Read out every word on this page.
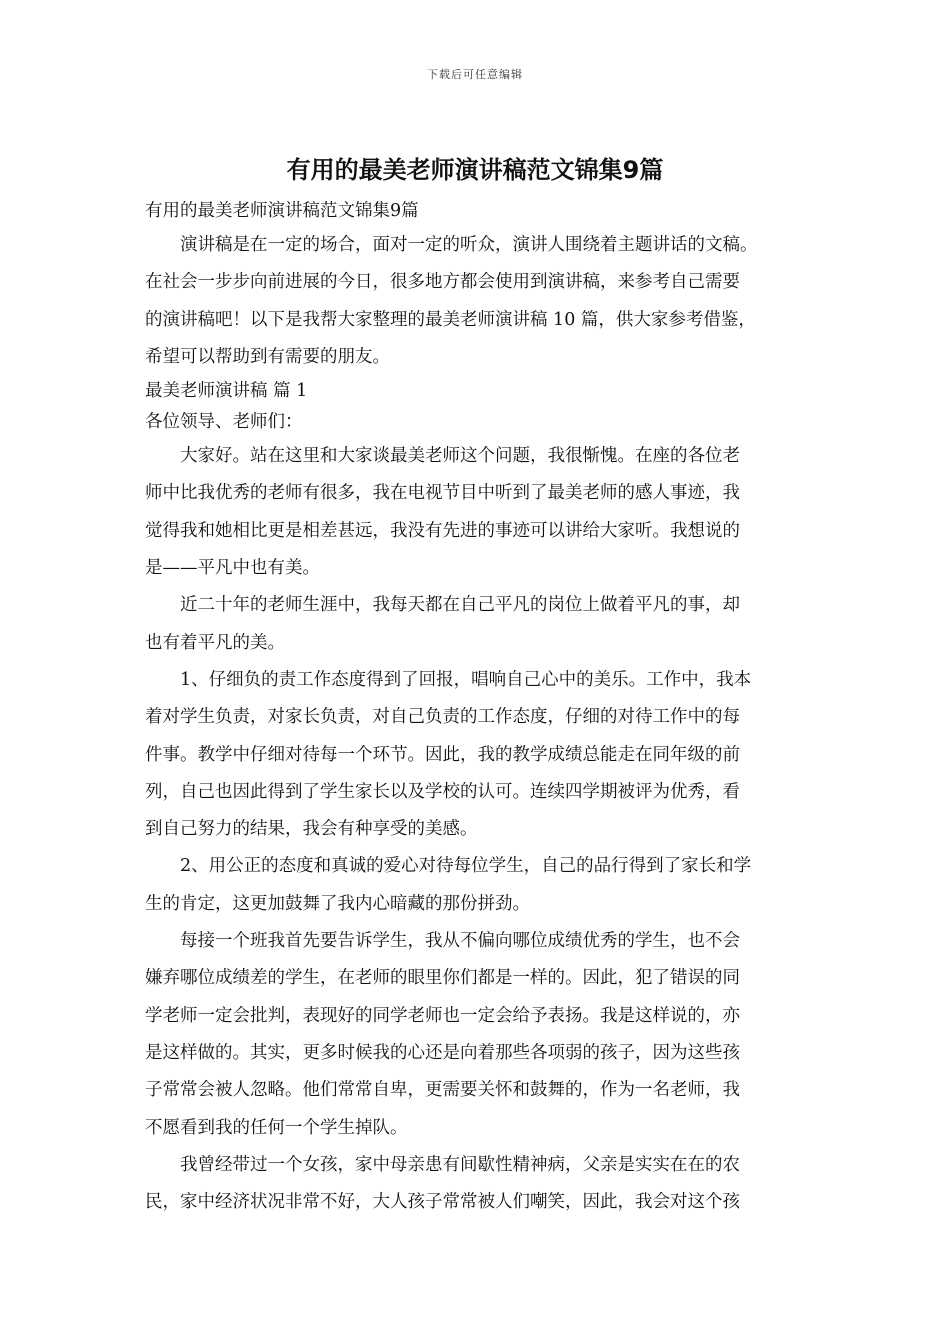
下载后可任意编辑
有用的最美老师演讲稿范文锦集9篇

有用的最美老师演讲稿范文锦集9篇

演讲稿是在一定的场合，面对一定的听众，演讲人围绕着主题讲话的文稿。
在社会一步步向前进展的今日，很多地方都会使用到演讲稿，来参考自己需要
的演讲稿吧！以下是我帮大家整理的最美老师演讲稿 10 篇，供大家参考借鉴，
希望可以帮助到有需要的朋友。

最美老师演讲稿 篇 1

各位领导、老师们：

大家好。站在这里和大家谈最美老师这个问题，我很惭愧。在座的各位老
师中比我优秀的老师有很多，我在电视节目中听到了最美老师的感人事迹，我
觉得我和她相比更是相差甚远，我没有先进的事迹可以讲给大家听。我想说的
是——平凡中也有美。

近二十年的老师生涯中，我每天都在自己平凡的岗位上做着平凡的事，却
也有着平凡的美。

1、仔细负的责工作态度得到了回报，唱响自己心中的美乐。工作中，我本
着对学生负责，对家长负责，对自己负责的工作态度，仔细的对待工作中的每
件事。教学中仔细对待每一个环节。因此，我的教学成绩总能走在同年级的前
列，自己也因此得到了学生家长以及学校的认可。连续四学期被评为优秀，看
到自己努力的结果，我会有种享受的美感。

2、用公正的态度和真诚的爱心对待每位学生，自己的品行得到了家长和学
生的肯定，这更加鼓舞了我内心暗藏的那份拼劲。

每接一个班我首先要告诉学生，我从不偏向哪位成绩优秀的学生，也不会
嫌弃哪位成绩差的学生，在老师的眼里你们都是一样的。因此，犯了错误的同
学老师一定会批判，表现好的同学老师也一定会给予表扬。我是这样说的，亦
是这样做的。其实，更多时候我的心还是向着那些各项弱的孩子，因为这些孩
子常常会被人忽略。他们常常自卑，更需要关怀和鼓舞的，作为一名老师，我
不愿看到我的任何一个学生掉队。

我曾经带过一个女孩，家中母亲患有间歇性精神病，父亲是实实在在的农
民，家中经济状况非常不好，大人孩子常常被人们嘲笑，因此，我会对这个孩
